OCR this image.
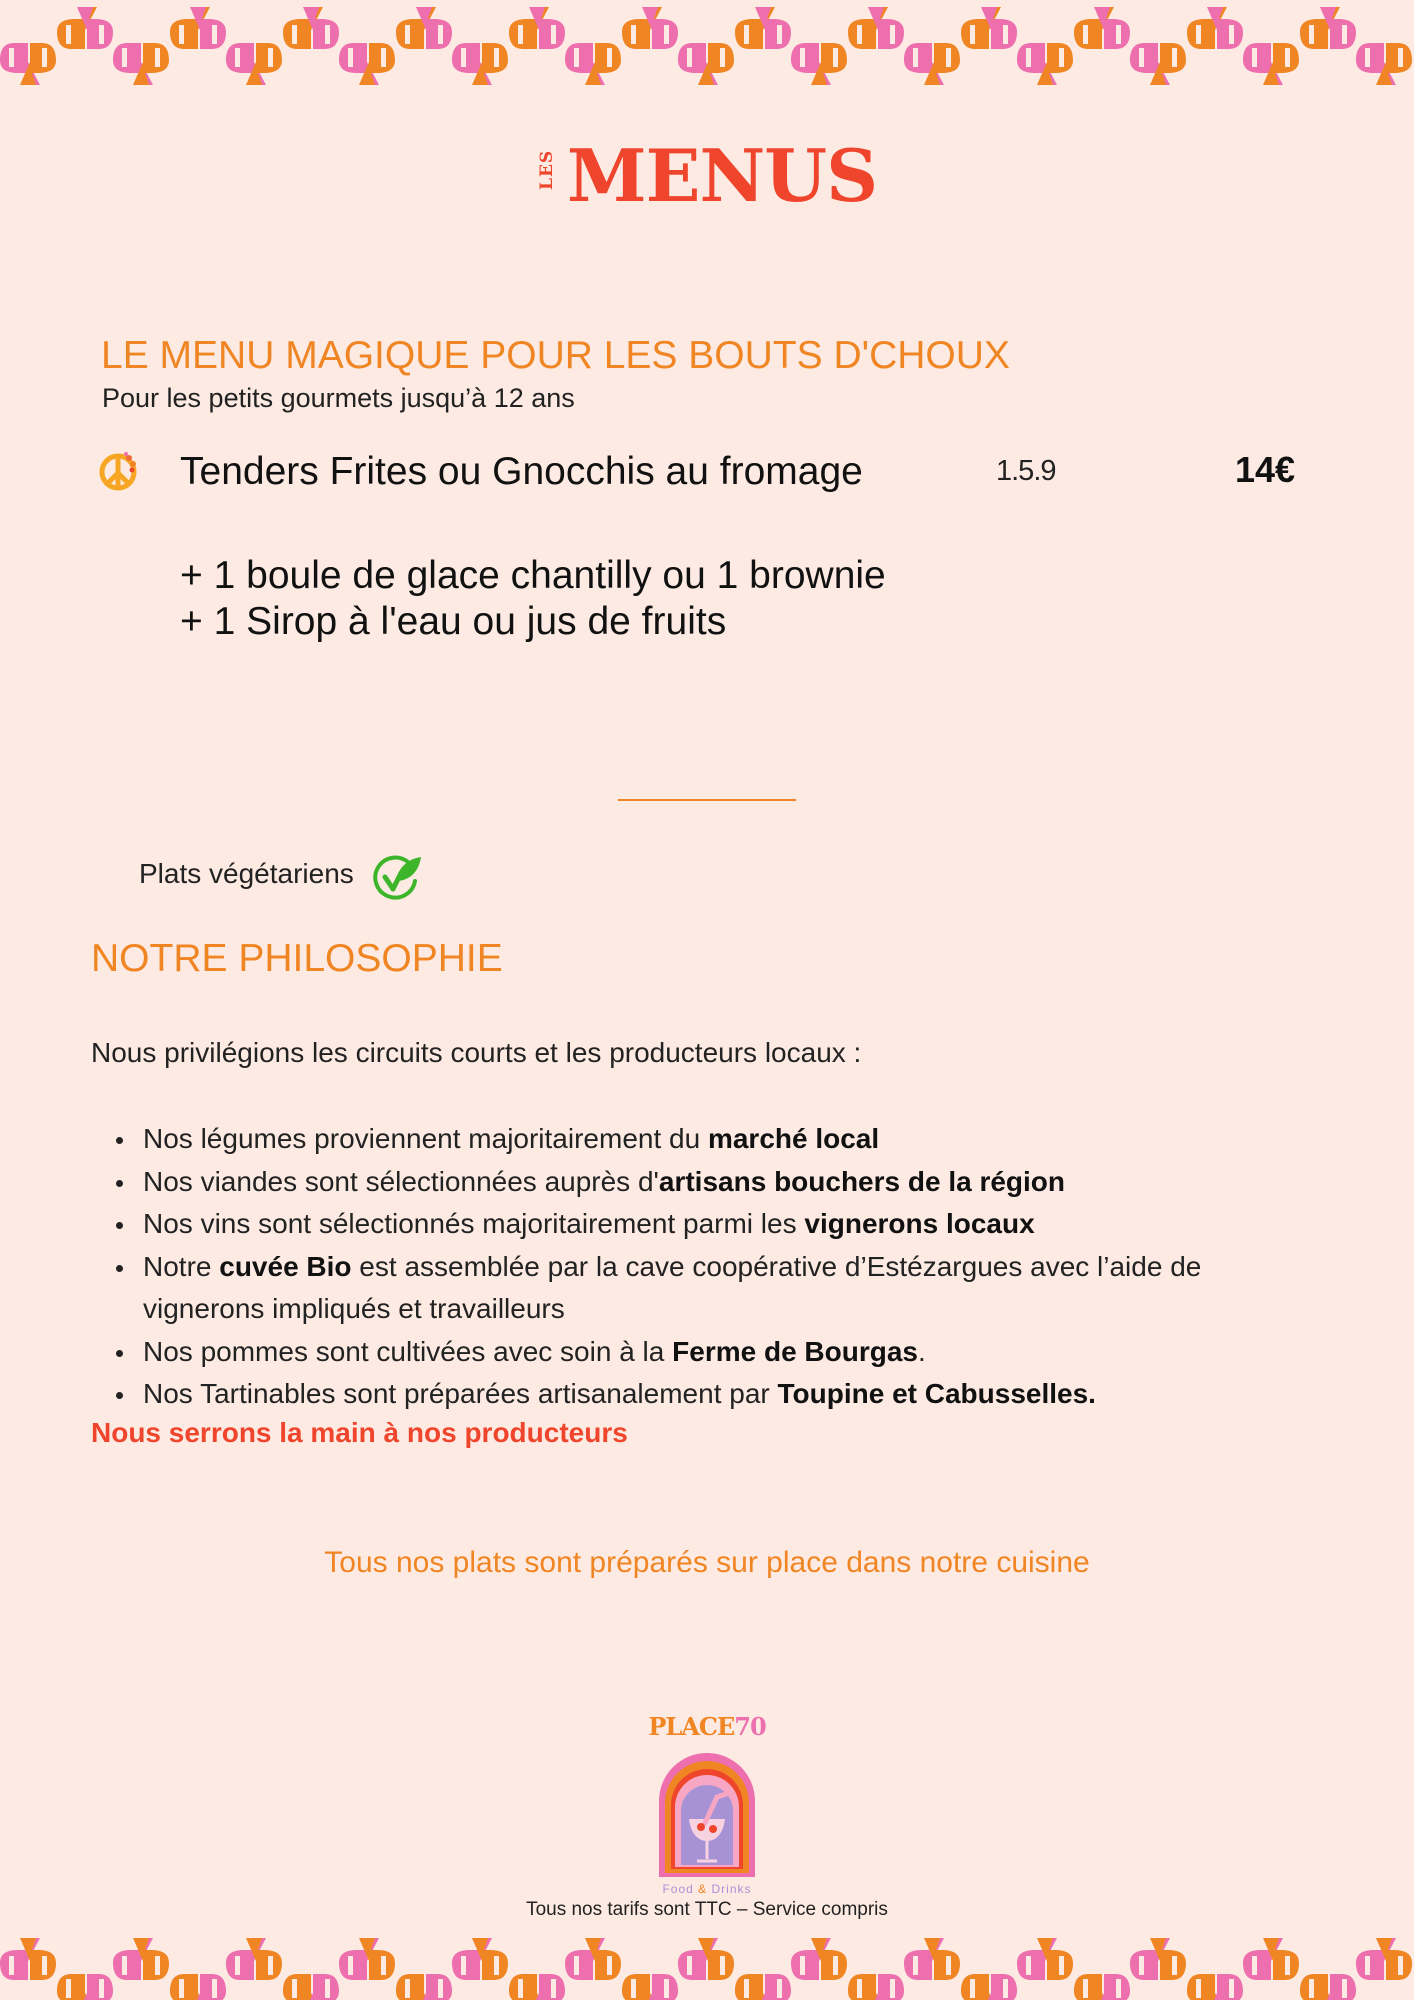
LES MENUS
LE MENU MAGIQUE POUR LES BOUTS D'CHOUX
Pour les petits gourmets jusqu’à 12 ans
Tenders Frites ou Gnocchis au fromage	1.5.9	14€
+ 1 boule de glace chantilly ou 1 brownie
+ 1 Sirop à l'eau ou jus de fruits
Plats végétariens
NOTRE PHILOSOPHIE

Nous privilégions les circuits courts et les producteurs locaux :

Nos légumes proviennent majoritairement du marché local
Nos viandes sont sélectionnées auprès d'artisans bouchers de la région
Nos vins sont sélectionnés majoritairement parmi les vignerons locaux
Notre cuvée Bio est assemblée par la cave coopérative d’Estézargues avec l’aide de vignerons impliqués et travailleurs
Nos pommes sont cultivées avec soin à la Ferme de Bourgas.
Nos Tartinables sont préparées artisanalement par Toupine et Cabusselles.
Nous serrons la main à nos producteurs
Tous nos plats sont préparés sur place dans notre cuisine
PLACE70
Food & Drinks
Tous nos tarifs sont TTC – Service compris
